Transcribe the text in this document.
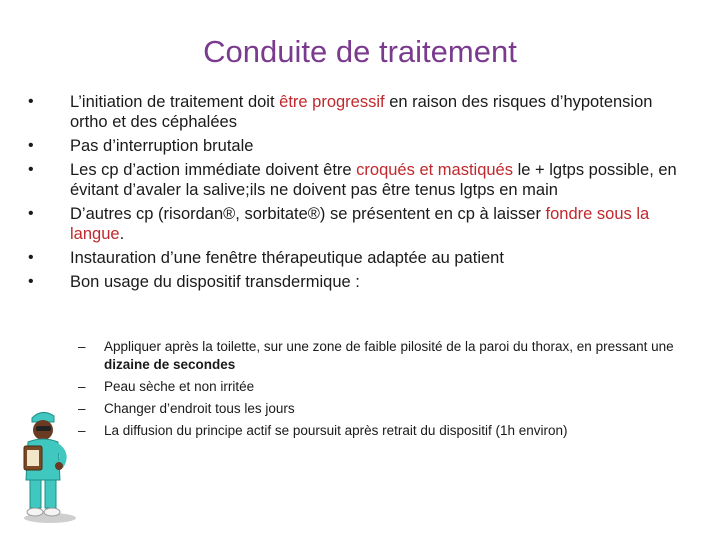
Conduite de traitement
• L’initiation de traitement doit être progressif en raison des risques d’hypotension ortho et des céphalées
• Pas d’interruption brutale
• Les cp d’action immédiate doivent être croqués et mastiqués le + lgtps possible, en évitant d’avaler la salive;ils ne doivent pas être tenus lgtps en main
• D’autres cp (risordan®, sorbitate®) se présentent en cp à laisser fondre sous la langue.
• Instauration d’une fenêtre thérapeutique adaptée au patient
• Bon usage du dispositif transdermique :
– Appliquer après la toilette, sur une zone de faible pilosité de la paroi du thorax, en pressant une dizaine de secondes
– Peau sèche et non irritée
– Changer d’endroit tous les jours
– La diffusion du principe actif se poursuit après retrait du dispositif (1h environ)
